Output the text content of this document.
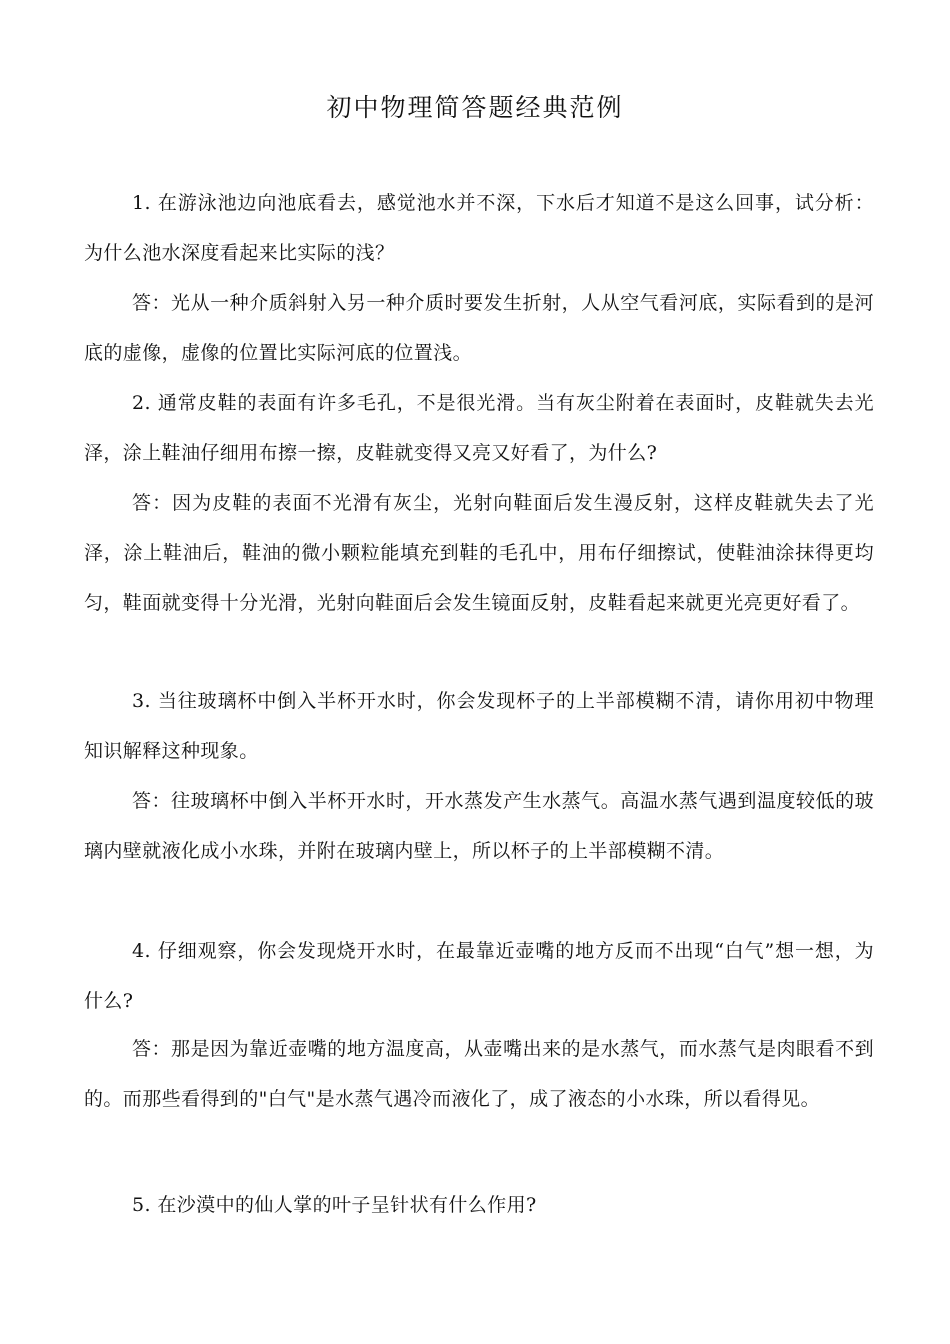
初中物理简答题经典范例

1. 在游泳池边向池底看去，感觉池水并不深，下水后才知道不是这么回事，试分析：为什么池水深度看起来比实际的浅？

答：光从一种介质斜射入另一种介质时要发生折射，人从空气看河底，实际看到的是河底的虚像，虚像的位置比实际河底的位置浅。

2. 通常皮鞋的表面有许多毛孔，不是很光滑。当有灰尘附着在表面时，皮鞋就失去光泽，涂上鞋油仔细用布擦一擦，皮鞋就变得又亮又好看了，为什么?

答：因为皮鞋的表面不光滑有灰尘，光射向鞋面后发生漫反射，这样皮鞋就失去了光泽，涂上鞋油后，鞋油的微小颗粒能填充到鞋的毛孔中，用布仔细擦试，使鞋油涂抹得更均匀，鞋面就变得十分光滑，光射向鞋面后会发生镜面反射，皮鞋看起来就更光亮更好看了。

3. 当往玻璃杯中倒入半杯开水时，你会发现杯子的上半部模糊不清，请你用初中物理知识解释这种现象。

答：往玻璃杯中倒入半杯开水时，开水蒸发产生水蒸气。高温水蒸气遇到温度较低的玻璃内壁就液化成小水珠，并附在玻璃内壁上，所以杯子的上半部模糊不清。

4. 仔细观察，你会发现烧开水时，在最靠近壶嘴的地方反而不出现“白气”想一想，为什么?

答：那是因为靠近壶嘴的地方温度高，从壶嘴出来的是水蒸气，而水蒸气是肉眼看不到的。而那些看得到的"白气"是水蒸气遇冷而液化了，成了液态的小水珠，所以看得见。

5. 在沙漠中的仙人掌的叶子呈针状有什么作用?
